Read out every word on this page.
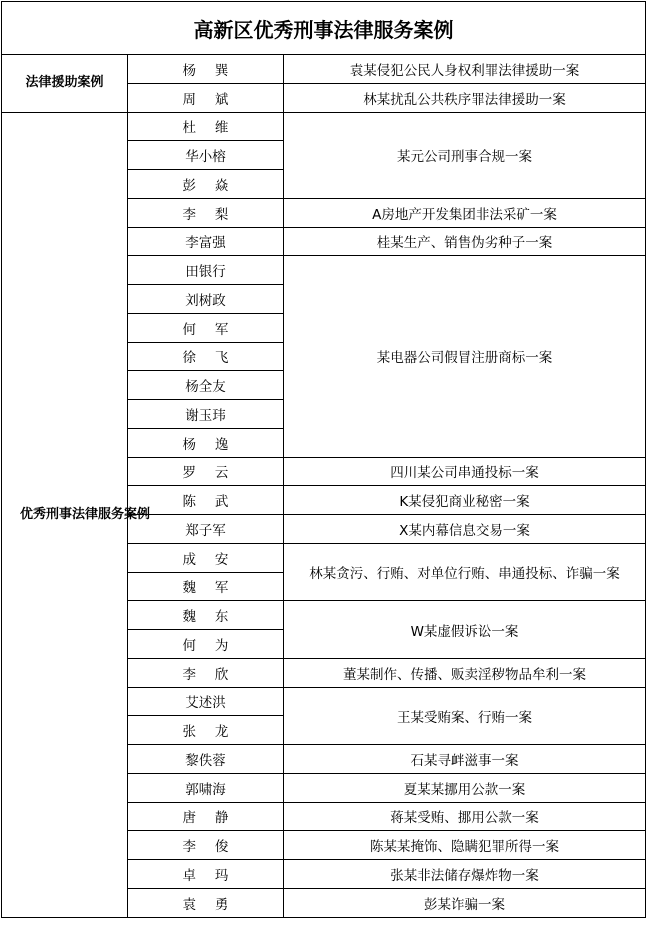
高新区优秀刑事法律服务案例		
法律援助案例	杨巽	袁某侵犯公民人身权利罪法律援助一案
	周斌	林某扰乱公共秩序罪法律援助一案
优秀刑事法律服务案例	杜维	某元公司刑事合规一案
	华小榕	
	彭焱	
	李梨	A房地产开发集团非法采矿一案
	李富强	桂某生产、销售伪劣种子一案
	田银行	某电器公司假冒注册商标一案
	刘树政	
	何军	
	徐飞	
	杨全友	
	谢玉玮	
	杨逸	
	罗云	四川某公司串通投标一案
	陈武	K某侵犯商业秘密一案
	郑子军	X某内幕信息交易一案
	成安	林某贪污、行贿、对单位行贿、串通投标、诈骗一案
	魏军	
	魏东	W某虚假诉讼一案
	何为	
	李欣	董某制作、传播、贩卖淫秽物品牟利一案
	艾述洪	王某受贿案、行贿一案
	张龙	
	黎佚蓉	石某寻衅滋事一案
	郭啸海	夏某某挪用公款一案
	唐静	蒋某受贿、挪用公款一案
	李俊	陈某某掩饰、隐瞒犯罪所得一案
	卓玛	张某非法储存爆炸物一案
	袁勇	彭某诈骗一案
